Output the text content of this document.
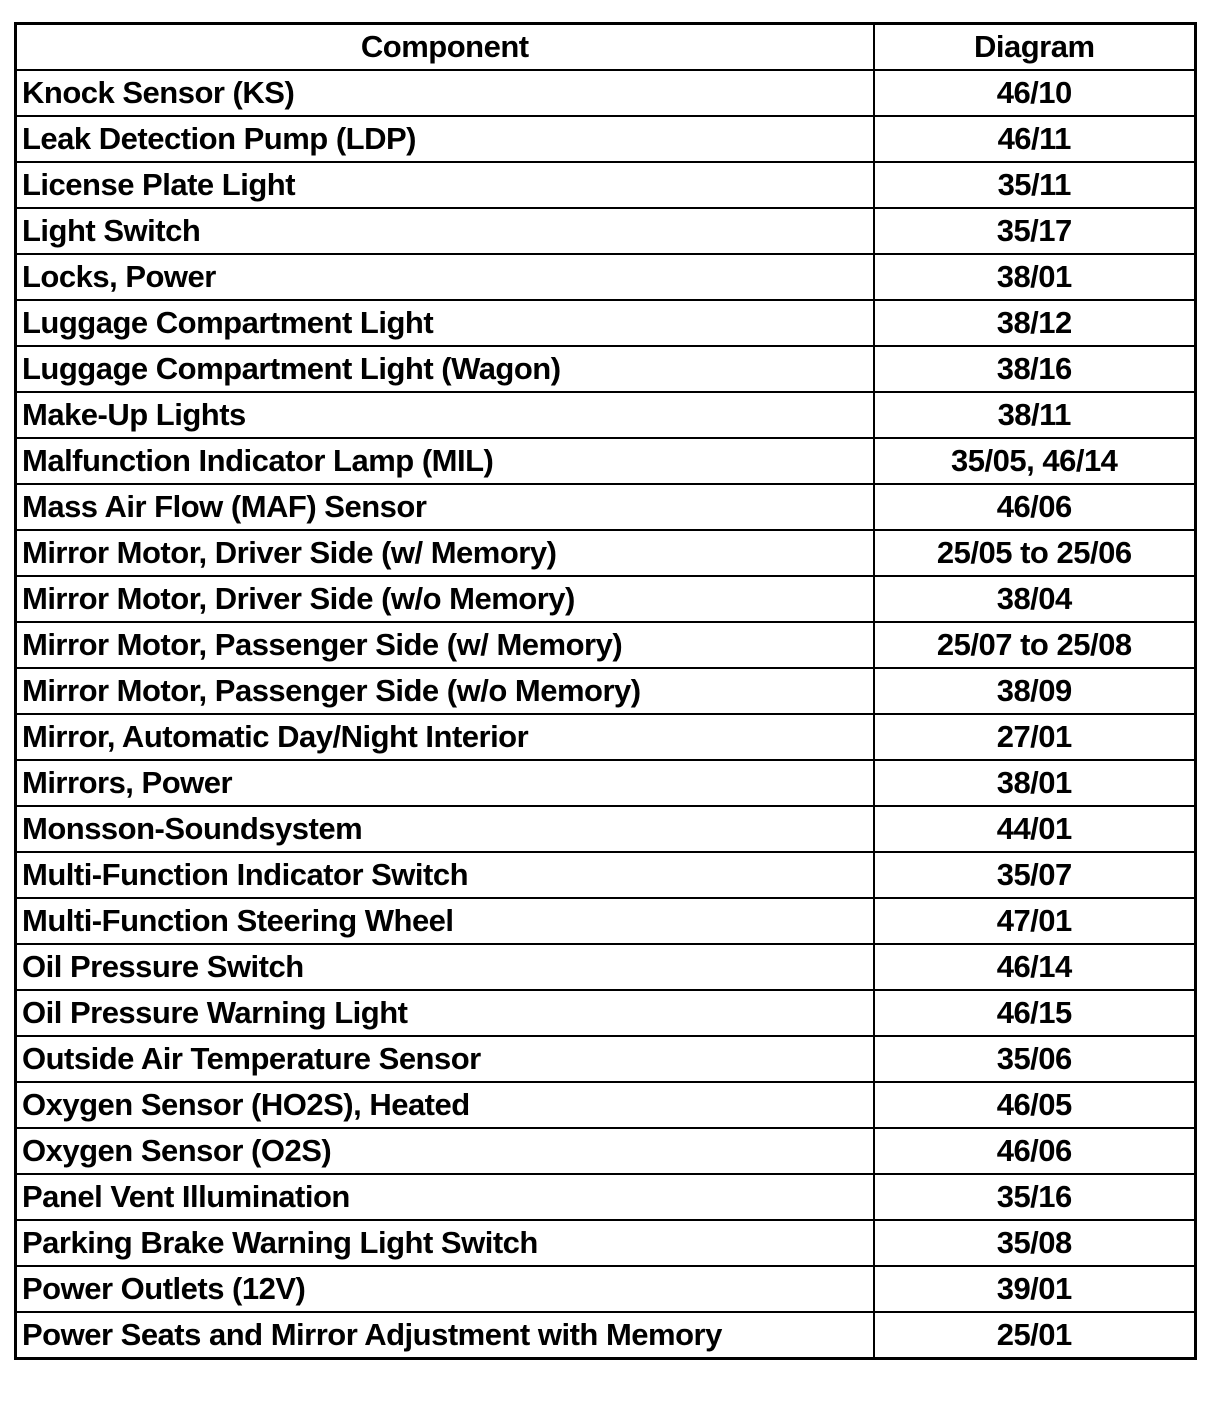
Component	Diagram
Knock Sensor (KS)	46/10
Leak Detection Pump (LDP)	46/11
License Plate Light	35/11
Light Switch	35/17
Locks, Power	38/01
Luggage Compartment Light	38/12
Luggage Compartment Light (Wagon)	38/16
Make-Up Lights	38/11
Malfunction Indicator Lamp (MIL)	35/05, 46/14
Mass Air Flow (MAF) Sensor	46/06
Mirror Motor, Driver Side (w/ Memory)	25/05 to 25/06
Mirror Motor, Driver Side (w/o Memory)	38/04
Mirror Motor, Passenger Side (w/ Memory)	25/07 to 25/08
Mirror Motor, Passenger Side (w/o Memory)	38/09
Mirror, Automatic Day/Night Interior	27/01
Mirrors, Power	38/01
Monsson-Soundsystem	44/01
Multi-Function Indicator Switch	35/07
Multi-Function Steering Wheel	47/01
Oil Pressure Switch	46/14
Oil Pressure Warning Light	46/15
Outside Air Temperature Sensor	35/06
Oxygen Sensor (HO2S), Heated	46/05
Oxygen Sensor (O2S)	46/06
Panel Vent Illumination	35/16
Parking Brake Warning Light Switch	35/08
Power Outlets (12V)	39/01
Power Seats and Mirror Adjustment with Memory	25/01
